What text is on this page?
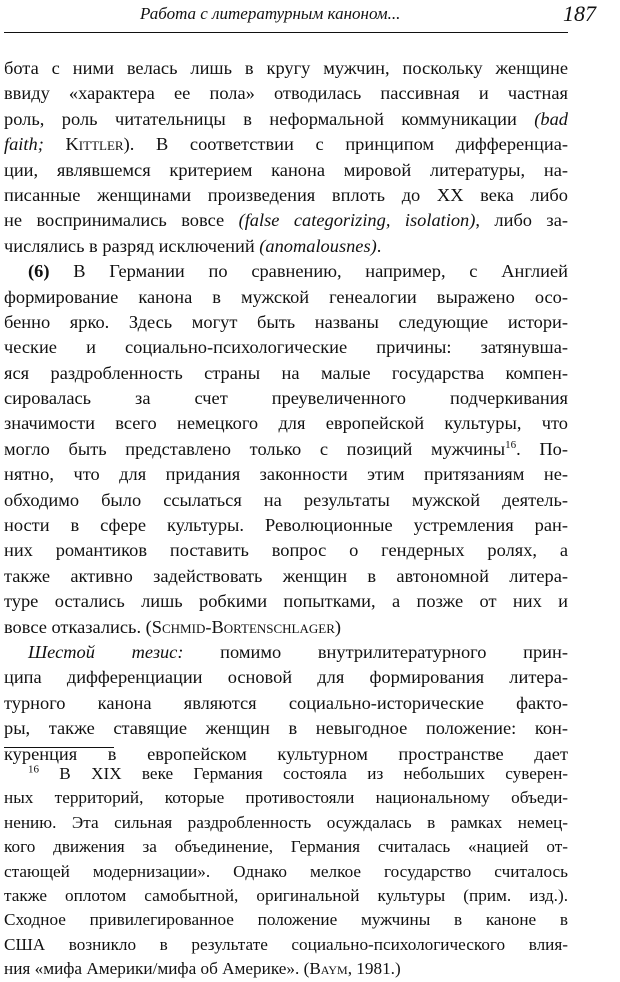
Работа с литературным каноном...	187
бота с ними велась лишь в кругу мужчин, поскольку женщине
ввиду «характера ее пола» отводилась пассивная и частная
роль, роль читательницы в неформальной коммуникации (bad
faith; Kittler). В соответствии с принципом дифференциа-
ции, являвшемся критерием канона мировой литературы, на-
писанные женщинами произведения вплоть до XX века либо
не воспринимались вовсе (false categorizing, isolation), либо за-
числялись в разряд исключений (anomalousnes).
(6) В Германии по сравнению, например, с Англией
формирование канона в мужской генеалогии выражено осо-
бенно ярко. Здесь могут быть названы следующие истори-
ческие и социально-психологические причины: затянувша-
яся раздробленность страны на малые государства компен-
сировалась за счет преувеличенного подчеркивания
значимости всего немецкого для европейской культуры, что
могло быть представлено только с позиций мужчины$^{16}$. По-
нятно, что для придания законности этим притязаниям не-
обходимо было ссылаться на результаты мужской деятель-
ности в сфере культуры. Революционные устремления ран-
них романтиков поставить вопрос о гендерных ролях, а
также активно задействовать женщин в автономной литера-
туре остались лишь робкими попытками, а позже от них и
вовсе отказались. (Schmid-Bortenschlager)
Шестой тезис: помимо внутрилитературного прин-
ципа дифференциации основой для формирования литера-
турного канона являются социально-исторические факто-
ры, также ставящие женщин в невыгодное положение: кон-
куренция в европейском культурном пространстве дает
$^{16}$ В XIX веке Германия состояла из небольших суверен-
ных территорий, которые противостояли национальному объеди-
нению. Эта сильная раздробленность осуждалась в рамках немец-
кого движения за объединение, Германия считалась «нацией от-
стающей модернизации». Однако мелкое государство считалось
также оплотом самобытной, оригинальной культуры (прим. изд.).
Сходное привилегированное положение мужчины в каноне в
США возникло в результате социально-психологического влия-
ния «мифа Америки/мифа об Америке». (Baym, 1981.)
